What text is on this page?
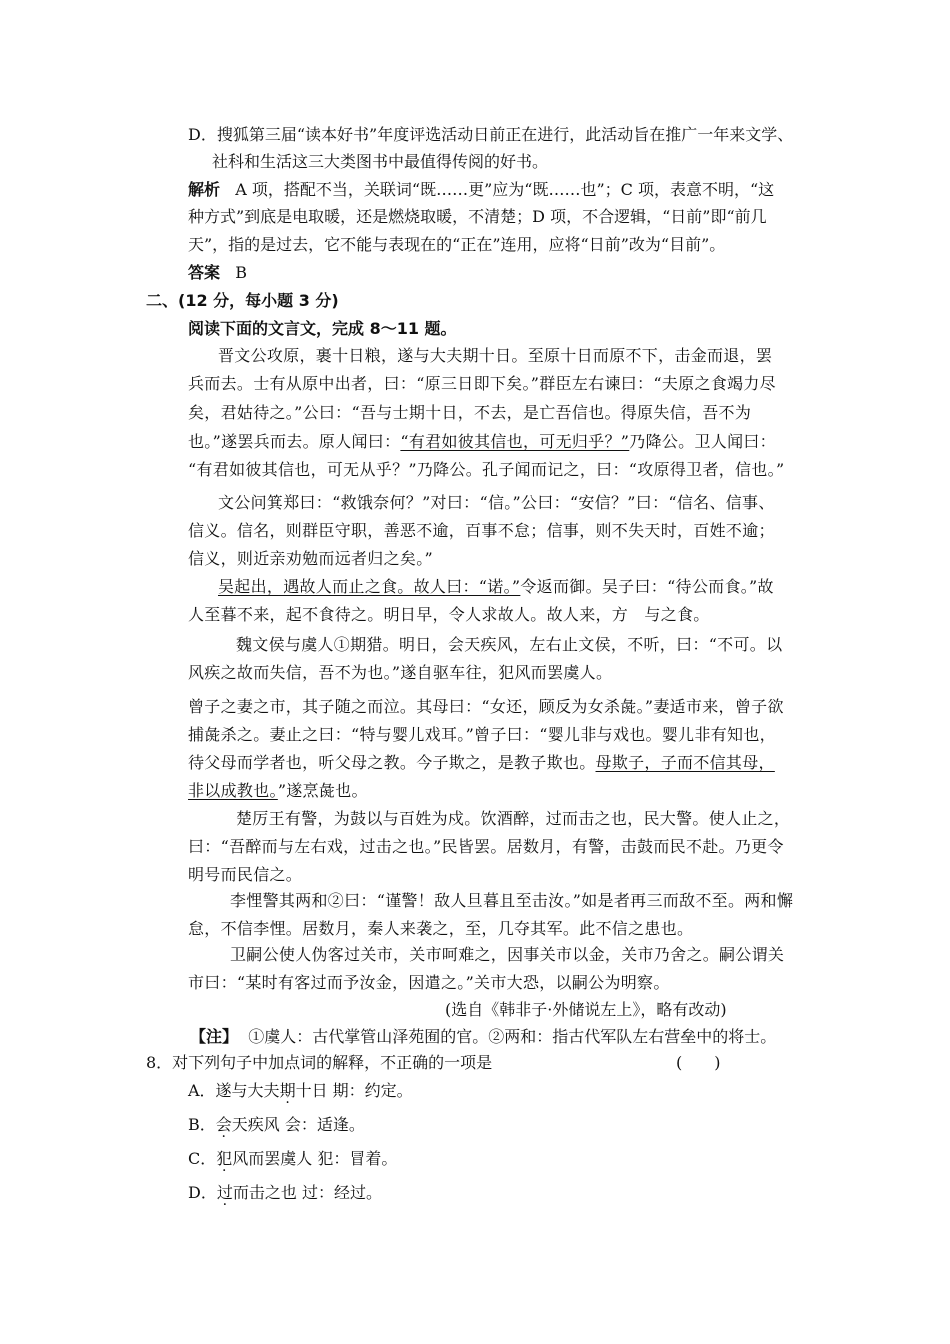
D．搜狐第三届“读本好书”年度评选活动日前正在进行，此活动旨在推广一年来文学、
社科和生活这三大类图书中最值得传阅的好书。
解析 A 项，搭配不当，关联词“既……更”应为“既……也”；C 项，表意不明，“这
种方式”到底是电取暖，还是燃烧取暖，不清楚；D 项，不合逻辑，“日前”即“前几
天”，指的是过去，它不能与表现在的“正在”连用，应将“日前”改为“目前”。
答案 B
二、(12 分，每小题 3 分)
阅读下面的文言文，完成 8～11 题。
晋文公攻原，裹十日粮，遂与大夫期十日。至原十日而原不下，击金而退，罢
兵而去。士有从原中出者，曰：“原三日即下矣。”群臣左右谏曰：“夫原之食竭力尽
矣，君姑待之。”公曰：“吾与士期十日，不去，是亡吾信也。得原失信，吾不为
也。”遂罢兵而去。原人闻曰：“有君如彼其信也，可无归乎？”乃降公。卫人闻曰：
“有君如彼其信也，可无从乎？”乃降公。孔子闻而记之，曰：“攻原得卫者，信也。”
文公问箕郑曰：“救饿奈何？”对曰：“信。”公曰：“安信？”曰：“信名、信事、
信义。信名，则群臣守职，善恶不逾，百事不怠；信事，则不失天时，百姓不逾；
信义，则近亲劝勉而远者归之矣。”
吴起出，遇故人而止之食。故人曰：“诺。”令返而御。吴子曰：“待公而食。”故
人至暮不来，起不食待之。明日早，令人求故人。故人来，方　与之食。
魏文侯与虞人①期猎。明日，会天疾风，左右止文侯，不听，曰：“不可。以
风疾之故而失信，吾不为也。”遂自驱车往，犯风而罢虞人。
曾子之妻之市，其子随之而泣。其母曰：“女还，顾反为女杀彘。”妻适市来，曾子欲
捕彘杀之。妻止之曰：“特与婴儿戏耳。”曾子曰：“婴儿非与戏也。婴儿非有知也，
待父母而学者也，听父母之教。今子欺之，是教子欺也。母欺子，子而不信其母，
非以成教也。”遂烹彘也。
楚厉王有警，为鼓以与百姓为戍。饮酒醉，过而击之也，民大警。使人止之，
曰：“吾醉而与左右戏，过击之也。”民皆罢。居数月，有警，击鼓而民不赴。乃更令
明号而民信之。
李悝警其两和②曰：“谨警！敌人旦暮且至击汝。”如是者再三而敌不至。两和懈
怠，不信李悝。居数月，秦人来袭之，至，几夺其军。此不信之患也。
卫嗣公使人伪客过关市，关市呵难之，因事关市以金，关市乃舍之。嗣公谓关
市曰：“某时有客过而予汝金，因遣之。”关市大恐，以嗣公为明察。
(选自《韩非子·外储说左上》，略有改动)
【注】 ①虞人：古代掌管山泽苑囿的官。②两和：指古代军队左右营垒中的将士。
8．对下列句子中加点词的解释，不正确的一项是	(　　)
A．遂与大夫期十日 期：约定。
B．会天疾风 会：适逢。
C．犯风而罢虞人 犯：冒着。
D．过而击之也 过：经过。
